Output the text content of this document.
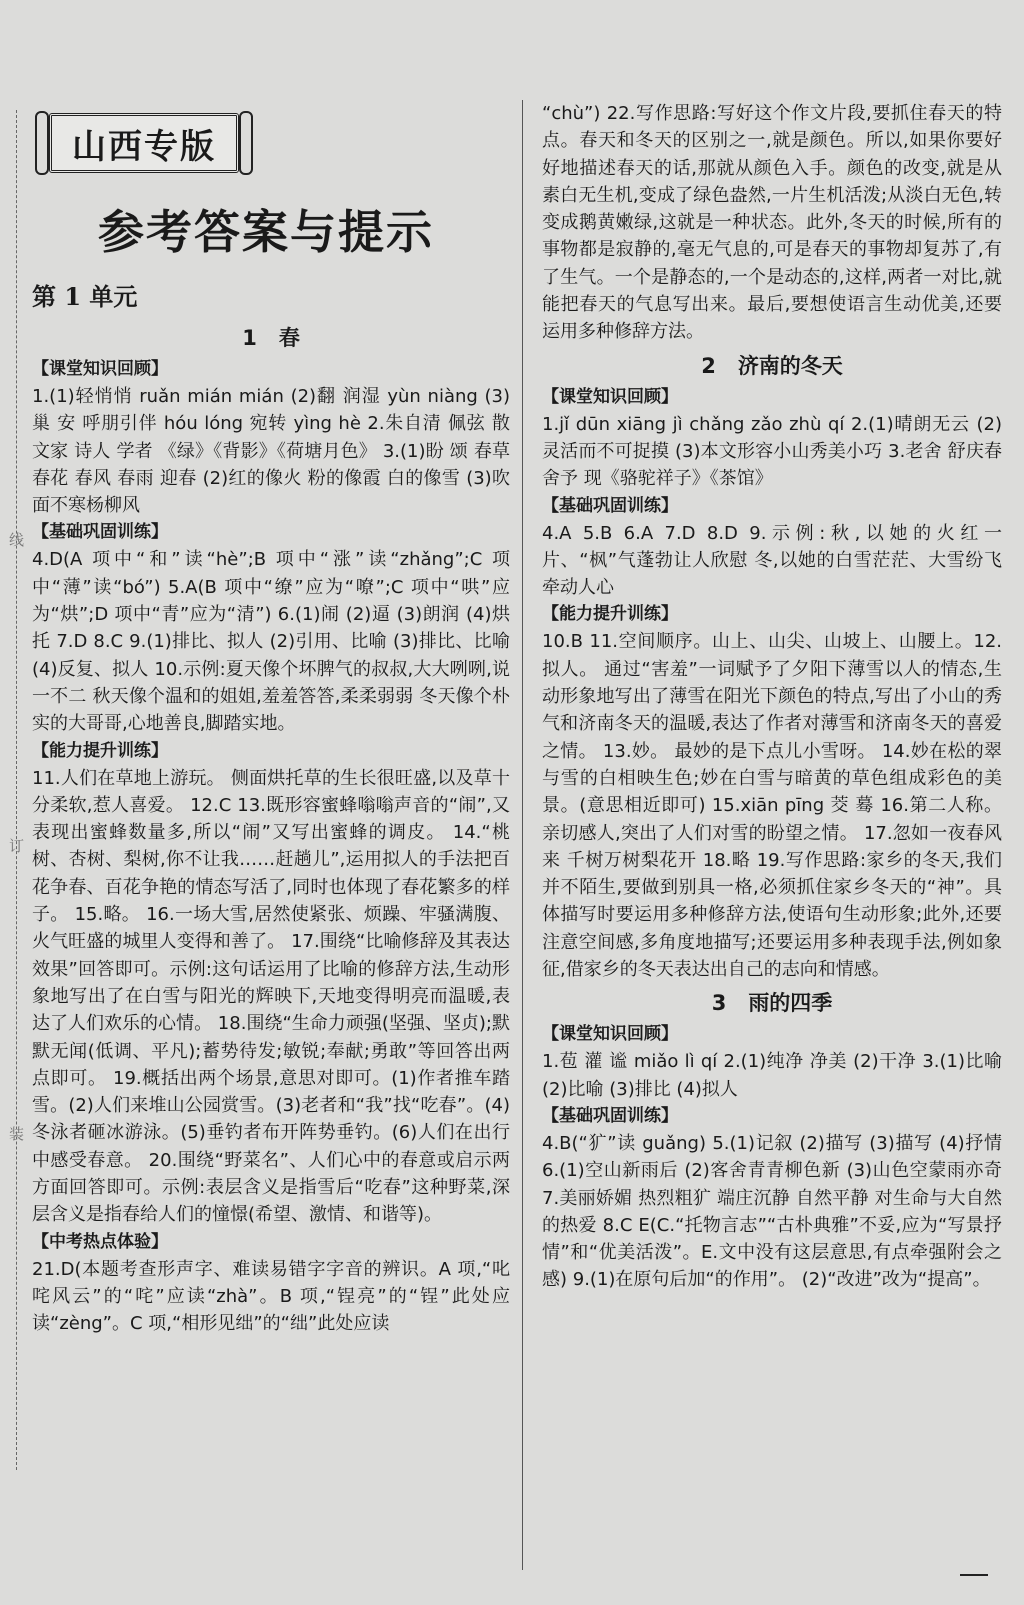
线
订
装
山西专版
参考答案与提示
第 1 单元
1 春
【课堂知识回顾】

1.(1)轻悄悄 ruǎn mián mián (2)翻 润湿 yùn niàng (3)巢 安 呼朋引伴 hóu lóng 宛转 yìng hè 2.朱自清 佩弦 散文家 诗人 学者 《绿》《背影》《荷塘月色》 3.(1)盼 颂 春草 春花 春风 春雨 迎春 (2)红的像火 粉的像霞 白的像雪 (3)吹面不寒杨柳风

【基础巩固训练】

4.D(A 项中“和”读“hè”;B 项中“涨”读“zhǎng”;C 项中“薄”读“bó”) 5.A(B 项中“缭”应为“嘹”;C 项中“哄”应为“烘”;D 项中“青”应为“清”) 6.(1)闹 (2)逼 (3)朗润 (4)烘托 7.D 8.C 9.(1)排比、拟人 (2)引用、比喻 (3)排比、比喻 (4)反复、拟人 10.示例:夏天像个坏脾气的叔叔,大大咧咧,说一不二 秋天像个温和的姐姐,羞羞答答,柔柔弱弱 冬天像个朴实的大哥哥,心地善良,脚踏实地。

【能力提升训练】

11.人们在草地上游玩。 侧面烘托草的生长很旺盛,以及草十分柔软,惹人喜爱。 12.C 13.既形容蜜蜂嗡嗡声音的“闹”,又表现出蜜蜂数量多,所以“闹”又写出蜜蜂的调皮。 14.“桃树、杏树、梨树,你不让我……赶趟儿”,运用拟人的手法把百花争春、百花争艳的情态写活了,同时也体现了春花繁多的样子。 15.略。 16.一场大雪,居然使紧张、烦躁、牢骚满腹、火气旺盛的城里人变得和善了。 17.围绕“比喻修辞及其表达效果”回答即可。示例:这句话运用了比喻的修辞方法,生动形象地写出了在白雪与阳光的辉映下,天地变得明亮而温暖,表达了人们欢乐的心情。 18.围绕“生命力顽强(坚强、坚贞);默默无闻(低调、平凡);蓄势待发;敏锐;奉献;勇敢”等回答出两点即可。 19.概括出两个场景,意思对即可。(1)作者推车踏雪。(2)人们来堆山公园赏雪。(3)老者和“我”找“吃春”。(4)冬泳者砸冰游泳。(5)垂钓者布开阵势垂钓。(6)人们在出行中感受春意。 20.围绕“野菜名”、人们心中的春意或启示两方面回答即可。示例:表层含义是指雪后“吃春”这种野菜,深层含义是指春给人们的憧憬(希望、激情、和谐等)。

【中考热点体验】

21.D(本题考查形声字、难读易错字字音的辨识。A 项,“叱咤风云”的“咤”应读“zhà”。B 项,“锃亮”的“锃”此处应读“zèng”。C 项,“相形见绌”的“绌”此处应读

“chù”) 22.写作思路:写好这个作文片段,要抓住春天的特点。春天和冬天的区别之一,就是颜色。所以,如果你要好好地描述春天的话,那就从颜色入手。颜色的改变,就是从素白无生机,变成了绿色盎然,一片生机活泼;从淡白无色,转变成鹅黄嫩绿,这就是一种状态。此外,冬天的时候,所有的事物都是寂静的,毫无气息的,可是春天的事物却复苏了,有了生气。一个是静态的,一个是动态的,这样,两者一对比,就能把春天的气息写出来。最后,要想使语言生动优美,还要运用多种修辞方法。

2 济南的冬天
【课堂知识回顾】

1.jǐ dūn xiāng jì chǎng zǎo zhù qí 2.(1)晴朗无云 (2)灵活而不可捉摸 (3)本文形容小山秀美小巧 3.老舍 舒庆春 舍予 现《骆驼祥子》《茶馆》

【基础巩固训练】

4.A 5.B 6.A 7.D 8.D 9.示例:秋,以她的火红一片、“枫”气蓬勃让人欣慰 冬,以她的白雪茫茫、大雪纷飞牵动人心

【能力提升训练】

10.B 11.空间顺序。山上、山尖、山坡上、山腰上。12.拟人。 通过“害羞”一词赋予了夕阳下薄雪以人的情态,生动形象地写出了薄雪在阳光下颜色的特点,写出了小山的秀气和济南冬天的温暖,表达了作者对薄雪和济南冬天的喜爱之情。 13.妙。 最妙的是下点儿小雪呀。 14.妙在松的翠与雪的白相映生色;妙在白雪与暗黄的草色组成彩色的美景。(意思相近即可) 15.xiān pīng 茭 蓦 16.第二人称。 亲切感人,突出了人们对雪的盼望之情。 17.忽如一夜春风来 千树万树梨花开 18.略 19.写作思路:家乡的冬天,我们并不陌生,要做到别具一格,必须抓住家乡冬天的“神”。具体描写时要运用多种修辞方法,使语句生动形象;此外,还要注意空间感,多角度地描写;还要运用多种表现手法,例如象征,借家乡的冬天表达出自己的志向和情感。

3 雨的四季
【课堂知识回顾】

1.苞 灌 谧 miǎo lì qí 2.(1)纯净 净美 (2)干净 3.(1)比喻 (2)比喻 (3)排比 (4)拟人

【基础巩固训练】

4.B(“犷”读 guǎng) 5.(1)记叙 (2)描写 (3)描写 (4)抒情 6.(1)空山新雨后 (2)客舍青青柳色新 (3)山色空蒙雨亦奇 7.美丽娇媚 热烈粗犷 端庄沉静 自然平静 对生命与大自然的热爱 8.C E(C.“托物言志”“古朴典雅”不妥,应为“写景抒情”和“优美活泼”。E.文中没有这层意思,有点牵强附会之感) 9.(1)在原句后加“的作用”。 (2)“改进”改为“提高”。
